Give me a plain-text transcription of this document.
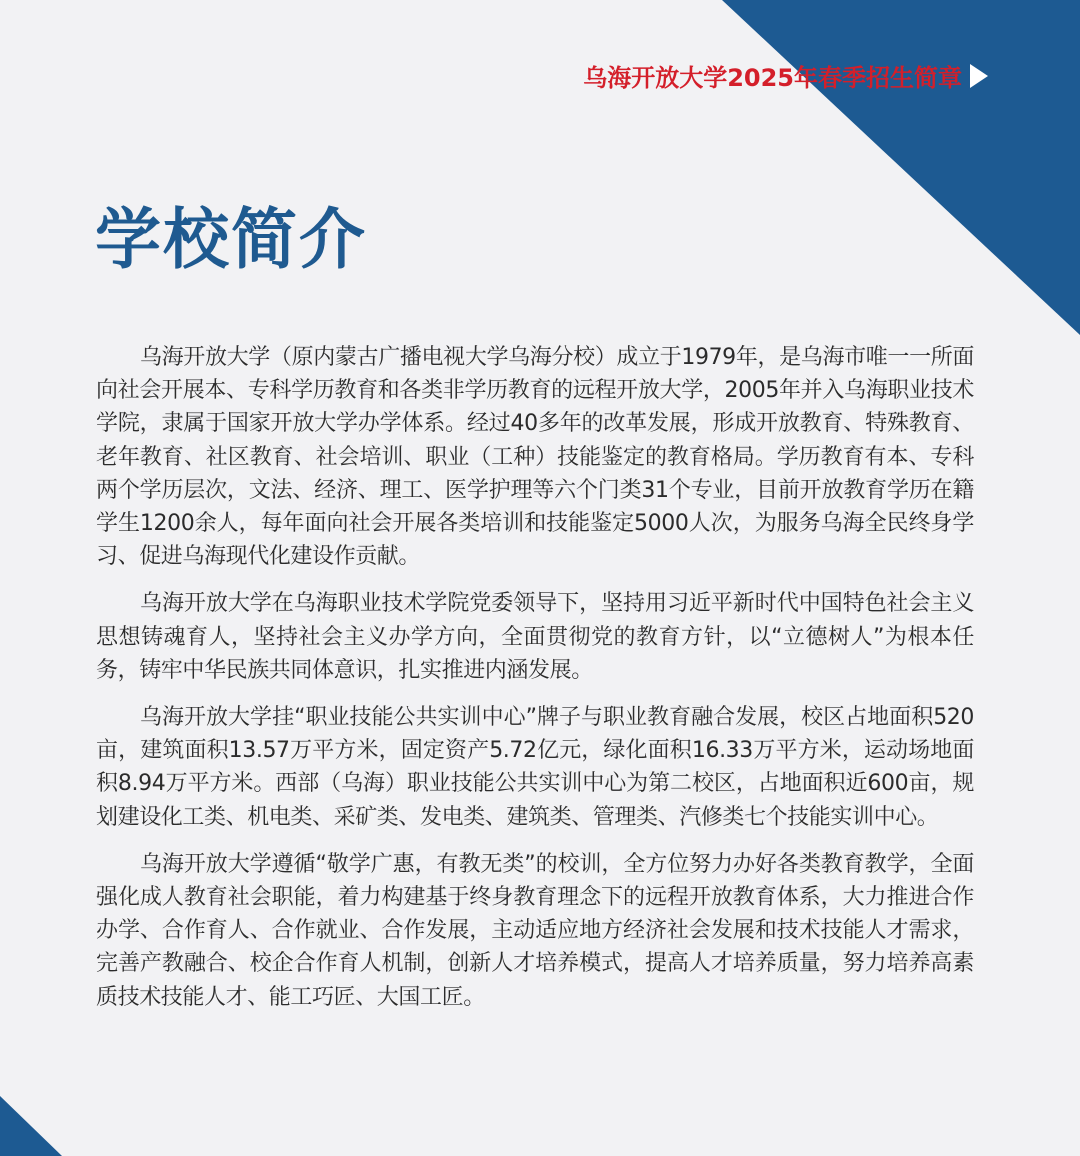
乌海开放大学2025年春季招生简章
学校简介

乌海开放大学（原内蒙古广播电视大学乌海分校）成立于1979年，是乌海市唯一一所面向社会开展本、专科学历教育和各类非学历教育的远程开放大学，2005年并入乌海职业技术学院，隶属于国家开放大学办学体系。经过40多年的改革发展，形成开放教育、特殊教育、老年教育、社区教育、社会培训、职业（工种）技能鉴定的教育格局。学历教育有本、专科两个学历层次，文法、经济、理工、医学护理等六个门类31个专业，目前开放教育学历在籍学生1200余人，每年面向社会开展各类培训和技能鉴定5000人次，为服务乌海全民终身学习、促进乌海现代化建设作贡献。

乌海开放大学在乌海职业技术学院党委领导下，坚持用习近平新时代中国特色社会主义思想铸魂育人，坚持社会主义办学方向，全面贯彻党的教育方针，以“立德树人”为根本任务，铸牢中华民族共同体意识，扎实推进内涵发展。

乌海开放大学挂“职业技能公共实训中心”牌子与职业教育融合发展，校区占地面积520亩，建筑面积13.57万平方米，固定资产5.72亿元，绿化面积16.33万平方米，运动场地面积8.94万平方米。西部（乌海）职业技能公共实训中心为第二校区，占地面积近600亩，规划建设化工类、机电类、采矿类、发电类、建筑类、管理类、汽修类七个技能实训中心。

乌海开放大学遵循“敬学广惠，有教无类”的校训，全方位努力办好各类教育教学，全面强化成人教育社会职能，着力构建基于终身教育理念下的远程开放教育体系，大力推进合作办学、合作育人、合作就业、合作发展，主动适应地方经济社会发展和技术技能人才需求，完善产教融合、校企合作育人机制，创新人才培养模式，提高人才培养质量，努力培养高素质技术技能人才、能工巧匠、大国工匠。
